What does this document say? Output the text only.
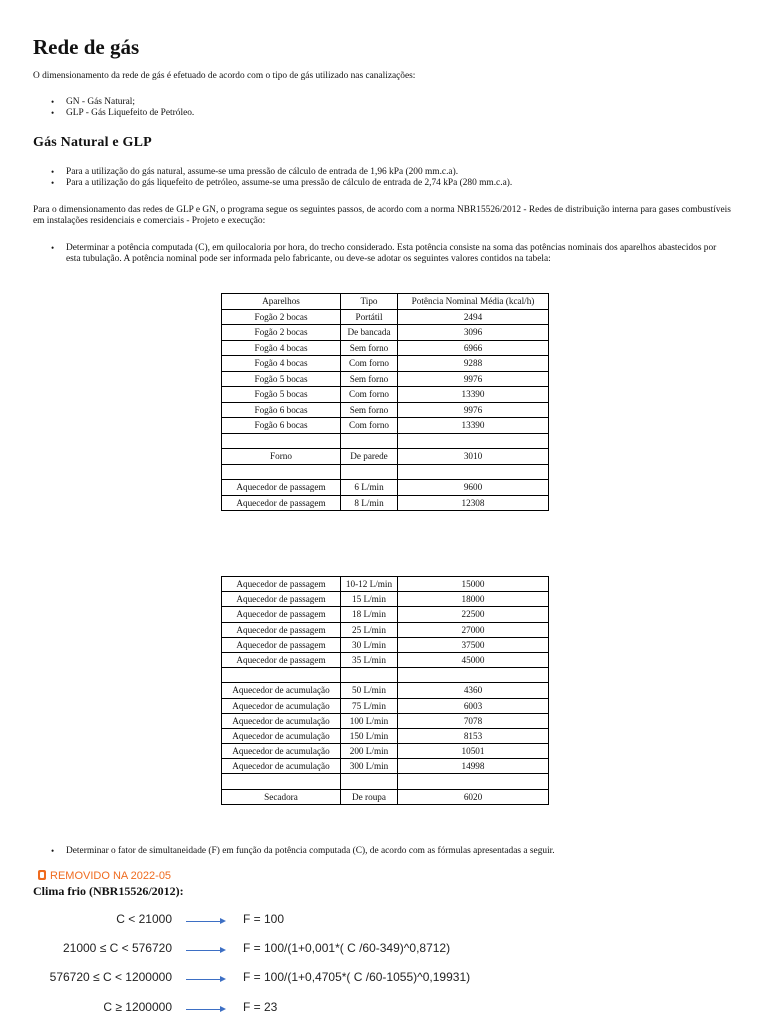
Rede de gás
O dimensionamento da rede de gás é efetuado de acordo com o tipo de gás utilizado nas canalizações:
• GN - Gás Natural;
• GLP - Gás Liquefeito de Petróleo.
Gás Natural e GLP
• Para a utilização do gás natural, assume-se uma pressão de cálculo de entrada de 1,96 kPa (200 mm.c.a).
• Para a utilização do gás liquefeito de petróleo, assume-se uma pressão de cálculo de entrada de 2,74 kPa (280 mm.c.a).
Para o dimensionamento das redes de GLP e GN, o programa segue os seguintes passos, de acordo com a norma NBR15526/2012 - Redes de distribuição interna para gases combustíveis em instalações residenciais e comerciais - Projeto e execução:
• Determinar a potência computada (C), em quilocaloria por hora, do trecho considerado. Esta potência consiste na soma das potências nominais dos aparelhos abastecidos por esta tubulação. A potência nominal pode ser informada pelo fabricante, ou deve-se adotar os seguintes valores contidos na tabela:
Aparelhos	Tipo	Potência Nominal Média (kcal/h)
Fogão 2 bocas	Portátil	2494
Fogão 2 bocas	De bancada	3096
Fogão 4 bocas	Sem forno	6966
Fogão 4 bocas	Com forno	9288
Fogão 5 bocas	Sem forno	9976
Fogão 5 bocas	Com forno	13390
Fogão 6 bocas	Sem forno	9976
Fogão 6 bocas	Com forno	13390

Forno	De parede	3010

Aquecedor de passagem	6 L/min	9600
Aquecedor de passagem	8 L/min	12308
Aquecedor de passagem	10-12 L/min	15000
Aquecedor de passagem	15 L/min	18000
Aquecedor de passagem	18 L/min	22500
Aquecedor de passagem	25 L/min	27000
Aquecedor de passagem	30 L/min	37500
Aquecedor de passagem	35 L/min	45000

Aquecedor de acumulação	50 L/min	4360
Aquecedor de acumulação	75 L/min	6003
Aquecedor de acumulação	100 L/min	7078
Aquecedor de acumulação	150 L/min	8153
Aquecedor de acumulação	200 L/min	10501
Aquecedor de acumulação	300 L/min	14998

Secadora	De roupa	6020
• Determinar o fator de simultaneidade (F) em função da potência computada (C), de acordo com as fórmulas apresentadas a seguir.
REMOVIDO NA 2022-05
Clima frio (NBR15526/2012):
C < 21000	F = 100
21000 ≤ C < 576720	F = 100/(1+0,001*( C /60-349)^0,8712)
576720 ≤ C < 1200000	F = 100/(1+0,4705*( C /60-1055)^0,19931)
C ≥ 1200000	F = 23
